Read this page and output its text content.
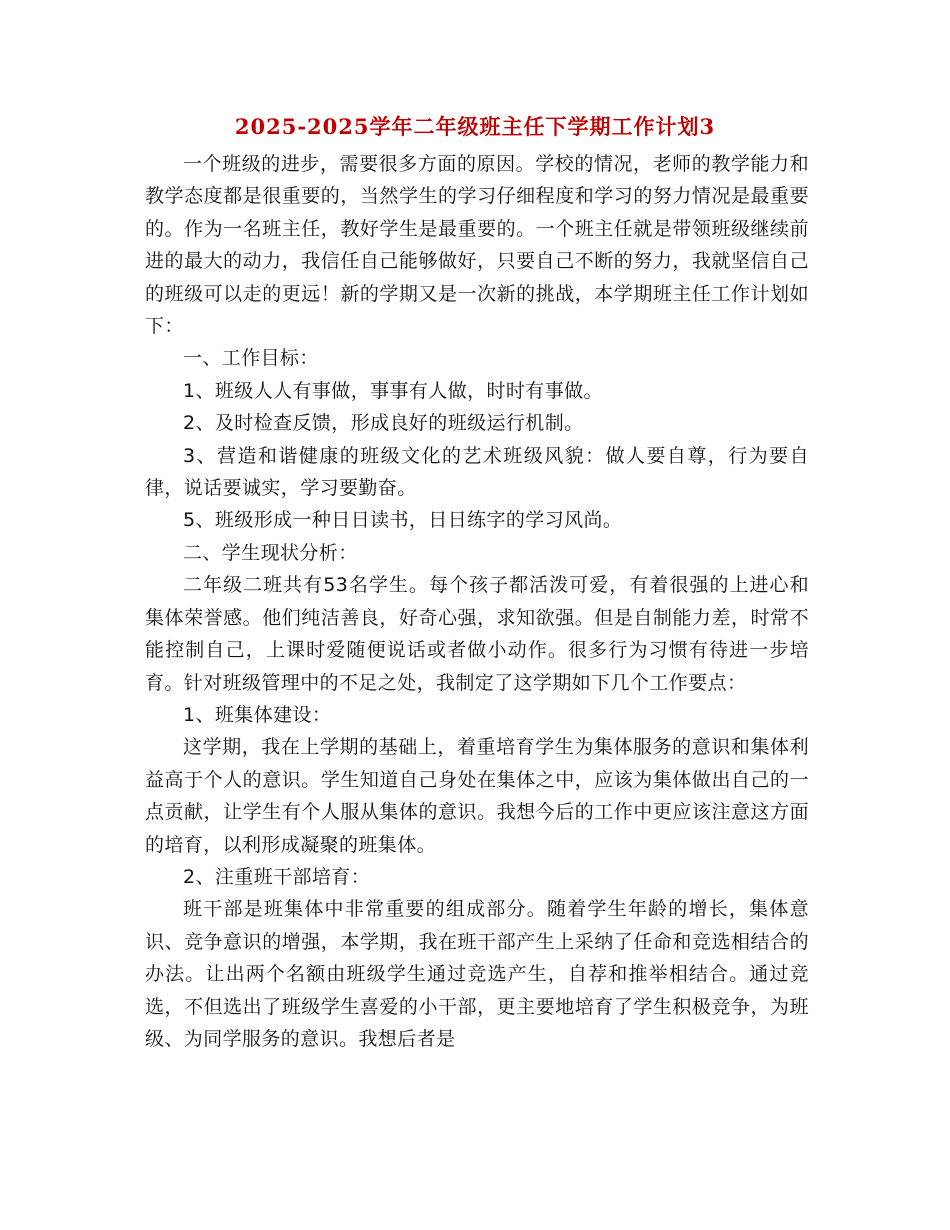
2025-2025学年二年级班主任下学期工作计划3

一个班级的进步，需要很多方面的原因。学校的情况，老师的教学能力和教学态度都是很重要的，当然学生的学习仔细程度和学习的努力情况是最重要的。作为一名班主任，教好学生是最重要的。一个班主任就是带领班级继续前进的最大的动力，我信任自己能够做好，只要自己不断的努力，我就坚信自己的班级可以走的更远！新的学期又是一次新的挑战，本学期班主任工作计划如下：

一、工作目标：

1、班级人人有事做，事事有人做，时时有事做。

2、及时检查反馈，形成良好的班级运行机制。

3、营造和谐健康的班级文化的艺术班级风貌：做人要自尊，行为要自律，说话要诚实，学习要勤奋。

5、班级形成一种日日读书，日日练字的学习风尚。

二、学生现状分析：

二年级二班共有53名学生。每个孩子都活泼可爱，有着很强的上进心和集体荣誉感。他们纯洁善良，好奇心强，求知欲强。但是自制能力差，时常不能控制自己，上课时爱随便说话或者做小动作。很多行为习惯有待进一步培育。针对班级管理中的不足之处，我制定了这学期如下几个工作要点：

1、班集体建设：

这学期，我在上学期的基础上，着重培育学生为集体服务的意识和集体利益高于个人的意识。学生知道自己身处在集体之中，应该为集体做出自己的一点贡献，让学生有个人服从集体的意识。我想今后的工作中更应该注意这方面的培育，以利形成凝聚的班集体。

2、注重班干部培育：

班干部是班集体中非常重要的组成部分。随着学生年龄的增长，集体意识、竞争意识的增强，本学期，我在班干部产生上采纳了任命和竞选相结合的办法。让出两个名额由班级学生通过竞选产生，自荐和推举相结合。通过竞选，不但选出了班级学生喜爱的小干部，更主要地培育了学生积极竞争，为班级、为同学服务的意识。我想后者是
